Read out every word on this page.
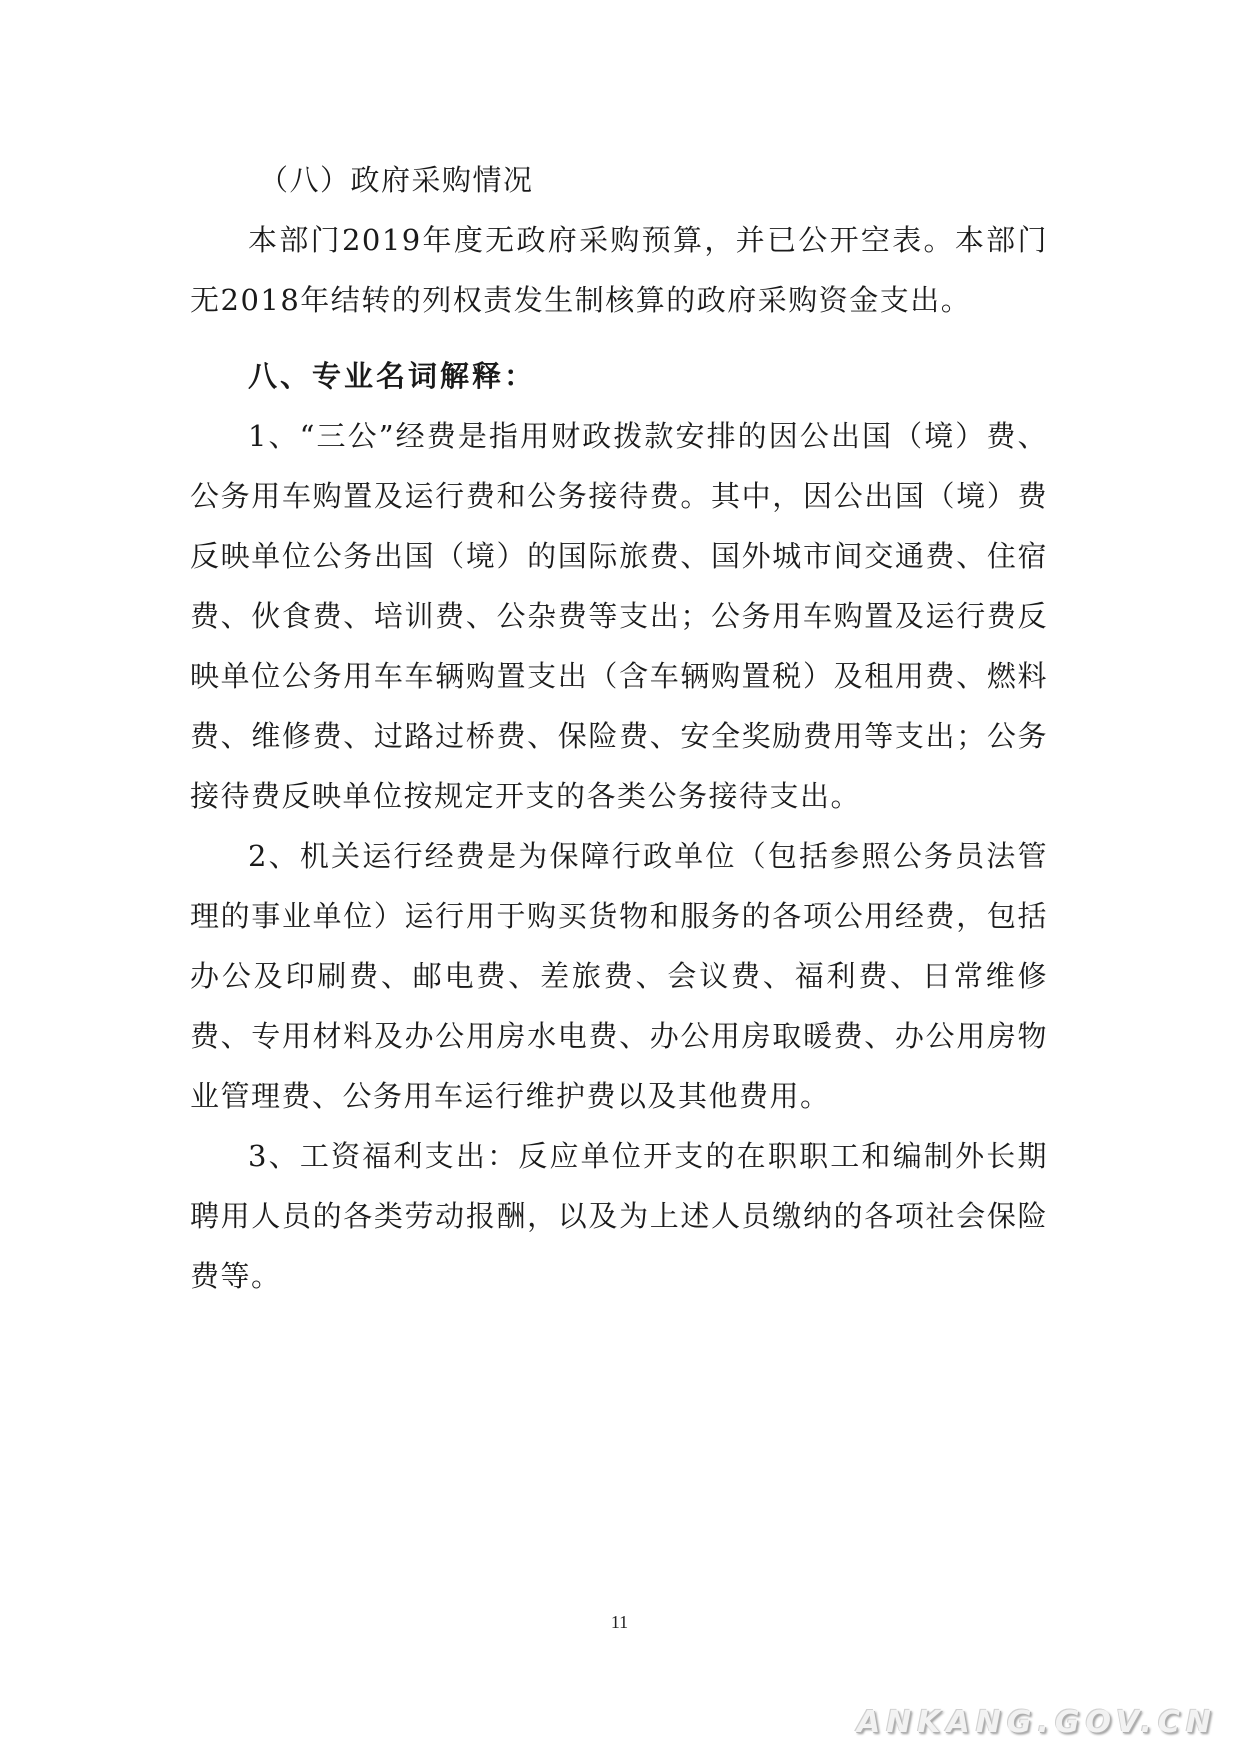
（八）政府采购情况

本部门2019年度无政府采购预算，并已公开空表。本部门无2018年结转的列权责发生制核算的政府采购资金支出。

八、专业名词解释：

1、“三公”经费是指用财政拨款安排的因公出国（境）费、公务用车购置及运行费和公务接待费。其中，因公出国（境）费反映单位公务出国（境）的国际旅费、国外城市间交通费、住宿费、伙食费、培训费、公杂费等支出；公务用车购置及运行费反映单位公务用车车辆购置支出（含车辆购置税）及租用费、燃料费、维修费、过路过桥费、保险费、安全奖励费用等支出；公务接待费反映单位按规定开支的各类公务接待支出。

2、机关运行经费是为保障行政单位（包括参照公务员法管理的事业单位）运行用于购买货物和服务的各项公用经费，包括办公及印刷费、邮电费、差旅费、会议费、福利费、日常维修费、专用材料及办公用房水电费、办公用房取暖费、办公用房物业管理费、公务用车运行维护费以及其他费用。

3、工资福利支出：反应单位开支的在职职工和编制外长期聘用人员的各类劳动报酬，以及为上述人员缴纳的各项社会保险费等。

11
ANKANG.GOV.CN
